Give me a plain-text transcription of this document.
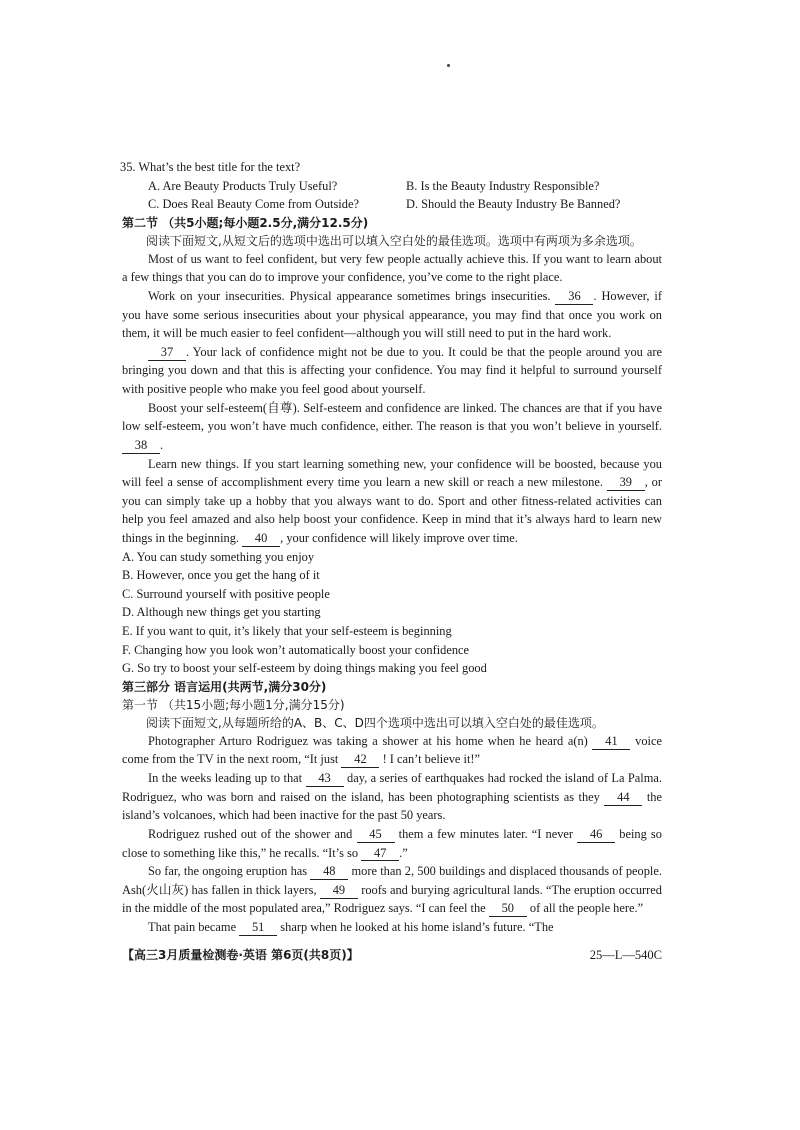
35. What’s the best title for the text?

A. Are Beauty Products Truly Useful?	B. Is the Beauty Industry Responsible?
C. Does Real Beauty Come from Outside?	D. Should the Beauty Industry Be Banned?

第二节 （共5小题;每小题2.5分,满分12.5分)

阅读下面短文,从短文后的选项中选出可以填入空白处的最佳选项。选项中有两项为多余选项。

Most of us want to feel confident, but very few people actually achieve this. If you want to learn about a few things that you can do to improve your confidence, you’ve come to the right place.

Work on your insecurities. Physical appearance sometimes brings insecurities. 36 . However, if you have some serious insecurities about your physical appearance, you may find that once you work on them, it will be much easier to feel confident—although you will still need to put in the hard work.

37 . Your lack of confidence might not be due to you. It could be that the people around you are bringing you down and that this is affecting your confidence. You may find it helpful to surround yourself with positive people who make you feel good about yourself.

Boost your self-esteem(自尊). Self-esteem and confidence are linked. The chances are that if you have low self-esteem, you won’t have much confidence, either. The reason is that you won’t believe in yourself. 38 .

Learn new things. If you start learning something new, your confidence will be boosted, because you will feel a sense of accomplishment every time you learn a new skill or reach a new milestone. 39 , or you can simply take up a hobby that you always want to do. Sport and other fitness-related activities can help you feel amazed and also help boost your confidence. Keep in mind that it’s always hard to learn new things in the beginning. 40 , your confidence will likely improve over time.

A. You can study something you enjoy

B. However, once you get the hang of it

C. Surround yourself with positive people

D. Although new things get you starting

E. If you want to quit, it’s likely that your self-esteem is beginning

F. Changing how you look won’t automatically boost your confidence

G. So try to boost your self-esteem by doing things making you feel good

第三部分 语言运用(共两节,满分30分)

第一节 （共15小题;每小题1分,满分15分)

阅读下面短文,从每题所给的A、B、C、D四个选项中选出可以填入空白处的最佳选项。

Photographer Arturo Rodriguez was taking a shower at his home when he heard a(n) 41 voice come from the TV in the next room, “It just 42 ! I can’t believe it!”

In the weeks leading up to that 43 day, a series of earthquakes had rocked the island of La Palma. Rodriguez, who was born and raised on the island, has been photographing scientists as they 44 the island’s volcanoes, which had been inactive for the past 50 years.

Rodriguez rushed out of the shower and 45 them a few minutes later. “I never 46 being so close to something like this,” he recalls. “It’s so 47 .”

So far, the ongoing eruption has 48 more than 2, 500 buildings and displaced thousands of people. Ash(火山灰) has fallen in thick layers, 49 roofs and burying agricultural lands. “The eruption occurred in the middle of the most populated area,” Rodriguez says. “I can feel the 50 of all the people here.”

That pain became 51 sharp when he looked at his home island’s future. “The

【高三3月质量检测卷·英语 第6页(共8页)】	25—L—540C
